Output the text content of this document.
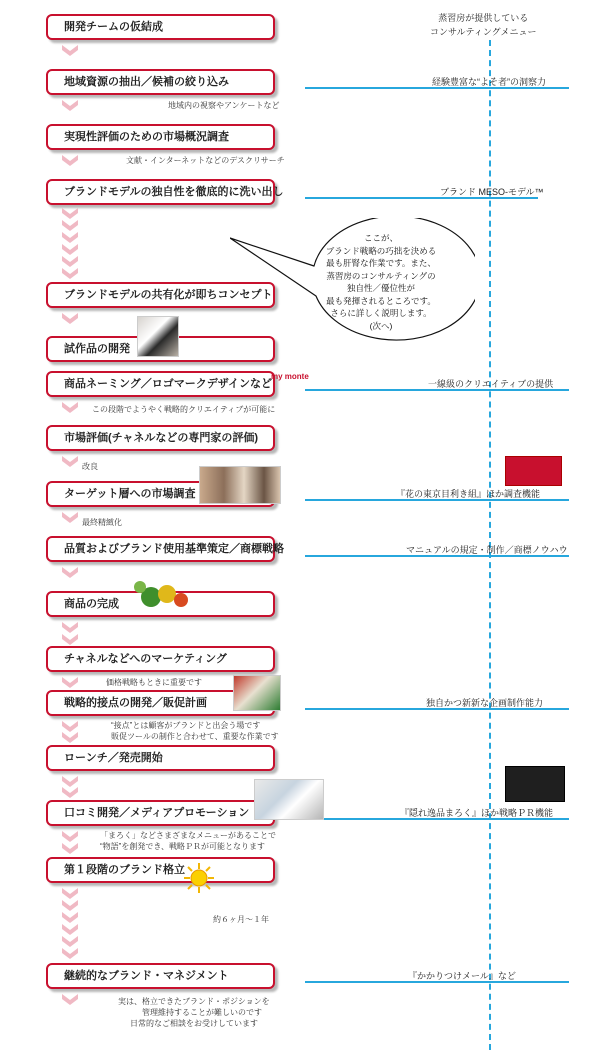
蒸習房が提供している
コンサルティングメニュー
開発チームの仮結成
地域資源の抽出／候補の絞り込み
実現性評価のための市場概況調査
ブランドモデルの独自性を徹底的に洗い出し
ブランドモデルの共有化が即ちコンセプト
試作品の開発
商品ネーミング／ロゴマークデザインなど
市場評価(チャネルなどの専門家の評価)
ターゲット層への市場調査
品質およびブランド使用基準策定／商標戦略
商品の完成
チャネルなどへのマーケティング
戦略的接点の開発／販促計画
ローンチ／発売開始
口コミ開発／メディアプロモーション
第１段階のブランド格立
継続的なブランド・マネジメント
地域内の視察やアンケートなど
文献・インターネットなどのデスクリサーチ
この段階でようやく戦略的クリエイティブが可能に
改良
最終精緻化
価格戦略もときに重要です
“接点”とは顧客がブランドと出会う場です
販促ツールの制作と合わせて、重要な作業です
「まろく」などさまざまなメニューがあることで
“物語”を創発でき、戦略ＰＲが可能となります
約６ヶ月〜１年
実は、格立できたブランド・ポジションを
管理維持することが難しいのです
日常的なご相談をお受けしています
経験豊富な“よそ者”の洞察力
ブランド MESO-モデル™
一線級のクリエイティブの提供
『花の東京目利き組』ほか調査機能
マニュアルの規定・制作／商標ノウハウ
独自かつ新新な企画制作能力
『隠れ逸品まろく』ほか戦略ＰＲ機能
『かかりつけメール』など
ここが、
ブランド戦略の巧拙を決める
最も肝腎な作業です。また、
蒸習房のコンサルティングの
独自性／優位性が
最も発揮されるところです。
さらに詳しく説明します。
(次へ)
my monte
